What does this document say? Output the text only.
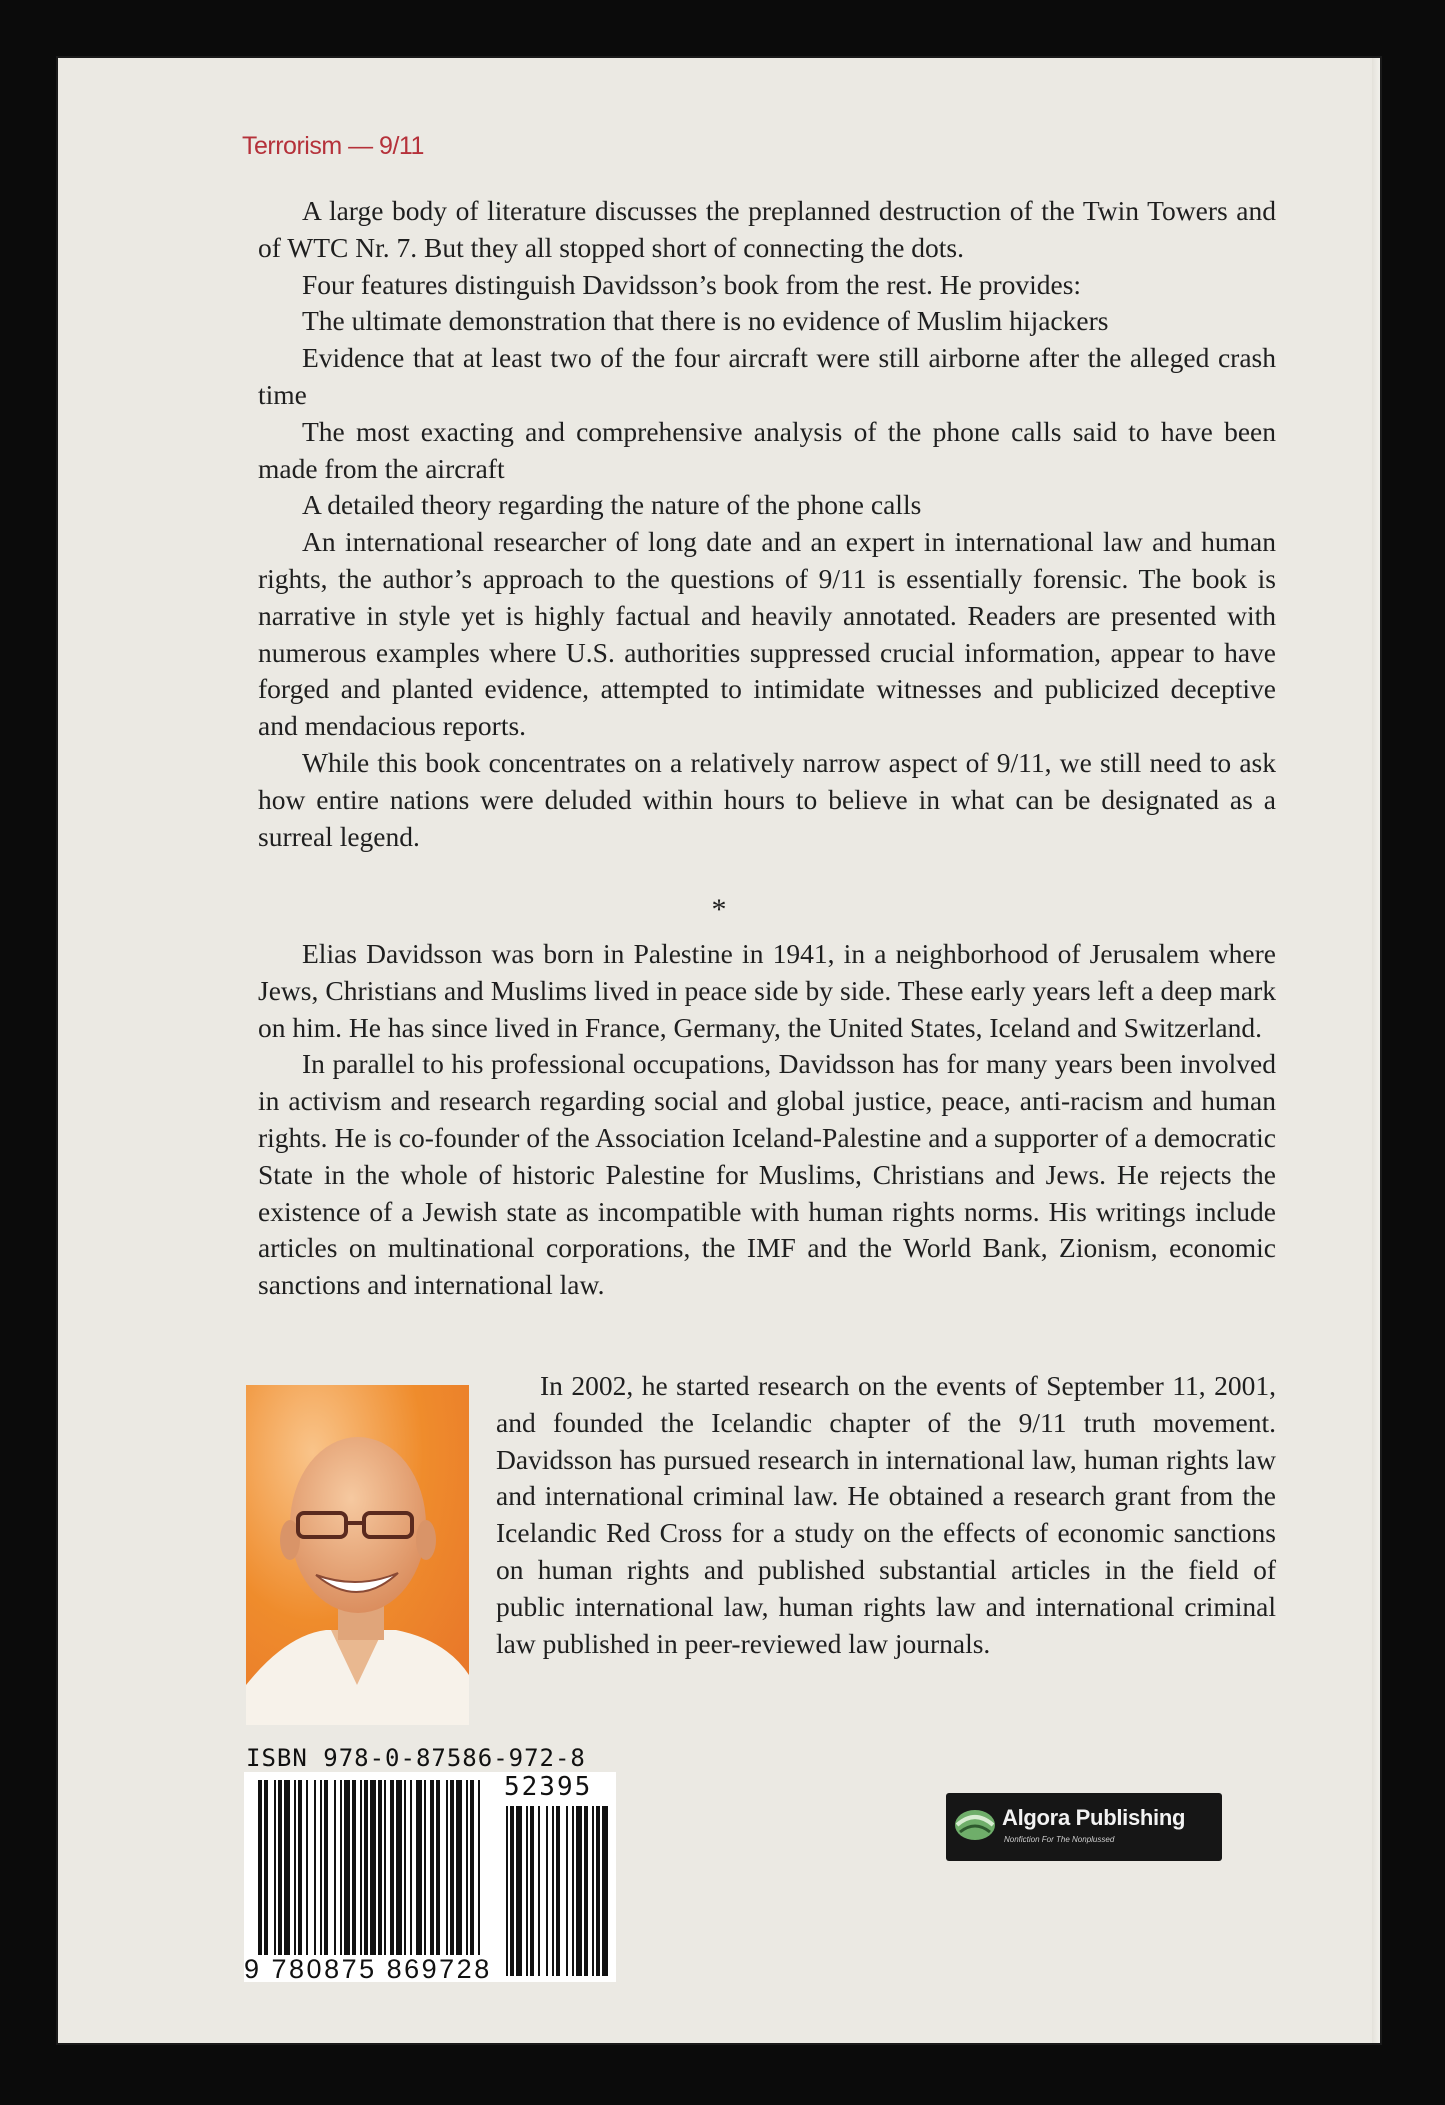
Terrorism — 9/11

A large body of literature discusses the preplanned destruction of the Twin Towers and of WTC Nr. 7. But they all stopped short of connecting the dots.

Four features distinguish Davidsson’s book from the rest. He provides:

The ultimate demonstration that there is no evidence of Muslim hijackers

Evidence that at least two of the four aircraft were still airborne after the alleged crash time

The most exacting and comprehensive analysis of the phone calls said to have been made from the aircraft

A detailed theory regarding the nature of the phone calls

An international researcher of long date and an expert in international law and human rights, the author’s approach to the questions of 9/11 is essentially forensic. The book is narrative in style yet is highly factual and heavily annotated. Readers are presented with numerous examples where U.S. authorities suppressed crucial information, appear to have forged and planted evidence, attempted to intimidate witnesses and publicized deceptive and mendacious reports.

While this book concentrates on a relatively narrow aspect of 9/11, we still need to ask how entire nations were deluded within hours to believe in what can be designated as a surreal legend.

*

Elias Davidsson was born in Palestine in 1941, in a neighborhood of Jerusalem where Jews, Christians and Muslims lived in peace side by side. These early years left a deep mark on him. He has since lived in France, Germany, the United States, Iceland and Switzerland.

In parallel to his professional occupations, Davidsson has for many years been involved in activism and research regarding social and global justice, peace, anti-racism and human rights. He is co-founder of the Association Iceland-Palestine and a supporter of a democratic State in the whole of historic Palestine for Muslims, Christians and Jews. He rejects the existence of a Jewish state as incompatible with human rights norms. His writings include articles on multinational corporations, the IMF and the World Bank, Zionism, economic sanctions and international law.

In 2002, he started research on the events of September 11, 2001, and founded the Icelandic chapter of the 9/11 truth movement. Davidsson has pursued research in international law, human rights law and international criminal law. He obtained a research grant from the Icelandic Red Cross for a study on the effects of economic sanctions on human rights and published substantial articles in the field of public international law, human rights law and international criminal law published in peer-reviewed law journals.

ISBN 978-0-87586-972-8
52395
9 780875 869728
Algora Publishing
Nonfiction For The Nonplussed
